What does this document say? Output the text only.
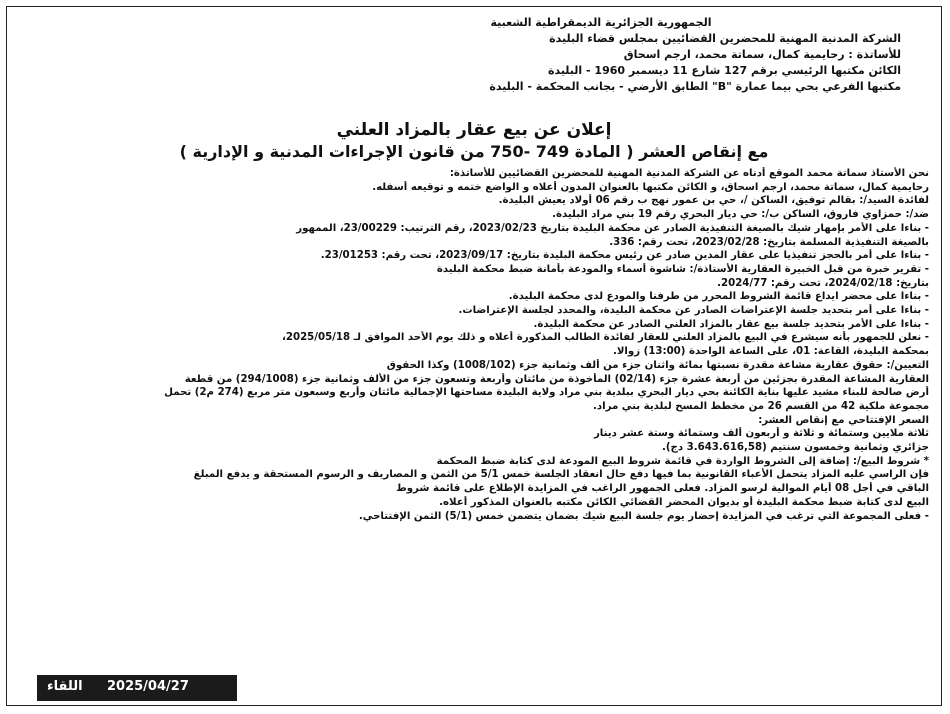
الجمهورية الجزائرية الديمقراطية الشعبية
الشركة المدنية المهنية للمحضرين القضائيين بمجلس قضاء البليدة
للأساتذة : رحايمية كمال، سماتة محمد، ارجم اسحاق
الكائن مكتبها الرئيسي برقم 127 شارع 11 ديسمبر 1960 - البليدة
مكتبها الفرعي بحي بيما عمارة "B" الطابق الأرضي - بجانب المحكمة - البليدة
إعلان عن بيع عقار بالمزاد العلني
مع إنقاص العشر ( المادة 749 -750 من قانون الإجراءات المدنية و الإدارية )

نحن الأستاذ سماتة محمد الموقع أدناه عن الشركة المدنية المهنية للمحضرين القضائيين للأساتذة:

رحايمية كمال، سماتة محمد، ارجم اسحاق، و الكائن مكتبها بالعنوان المدون أعلاه و الواضع ختمه و توقيعه أسفله.

لفائدة السيد/: بقالم توفيق، الساكن /، حي بن عمور نهج ب رقم 06 أولاد يعيش البليدة.

ضد/: حمزاوي فاروق، الساكن ب/: حي ديار البحري رقم 19 بني مراد البليدة.

- بناءا على الأمر بإمهار شيك بالصيغة التنفيذية الصادر عن محكمة البليدة بتاريخ 2023/02/23، رقم الترتيب: 23/00229، الممهور

بالصيغة التنفيذية المسلمة بتاريخ: 2023/02/28، تحت رقم: 336.

- بناءا على أمر بالحجز تنفيذيا على عقار المدين صادر عن رئيس محكمة البليدة بتاريخ: 2023/09/17، تحت رقم: 23/01253.

- تقرير خبرة من قبل الخبيرة العقارية الأستاذة/: شاشوة أسماء والمودعة بأمانة ضبط محكمة البليدة

بتاريخ: 2024/02/18، تحت رقم: 2024/77.

- بناءا على محضر ايداع قائمة الشروط المحرر من طرفنا والمودع لدى محكمة البليدة.

- بناءا على أمر بتحديد جلسة الإعتراضات الصادر عن محكمة البليدة، والمحدد لجلسة الإعتراضات.

- بناءا على الأمر بتحديد جلسة بيع عقار بالمزاد العلني الصادر عن محكمة البليدة.

- نعلن للجمهور بأنه سيشرع في البيع بالمزاد العلني للعقار لفائدة الطالب المذكورة أعلاه و ذلك يوم الأحد الموافق لـ 2025/05/18،

بمحكمة البليدة، القاعة: 01، على الساعة الواحدة (13:00) زوالا.

التعيين/: حقوق عقارية مشاعة مقدرة نسبتها بمائة واثنان جزء من ألف وثمانية جزء (1008/102) وكذا الحقوق

العقارية المشاعة المقدرة بجزئين من أربعة عشرة جزء (02/14) المأخوذة من مائتان وأربعة وتسعون جزء من الألف وثمانية جزء (294/1008) من قطعة

أرض صالحة للبناء مشيد عليها بناية الكائنة بحي ديار البحري ببلدية بني مراد ولاية البليدة مساحتها الإجمالية مائتان وأربع وسبعون متر مربع (274 م2) تحمل

مجموعة ملكية 42 من القسم 26 من مخطط المسح لبلدية بني مراد.

السعر الإفتتاحي مع إنقاص العشر:

ثلاثة ملايين وستمائة و ثلاثة و أربعون ألف وستمائة وستة عشر دينار

جزائري وثمانية وخمسون سنتيم (3.643.616,58 دج).

* شروط البيع/: إضافة إلى الشروط الواردة في قائمة شروط البيع المودعة لدى كتابة ضبط المحكمة

فإن الراسي عليه المزاد يتحمل الأعباء القانونية بما فيها دفع حال انعقاد الجلسة خمس 5/1 من الثمن و المصاريف و الرسوم المستحقة و يدفع المبلغ

الباقي في أجل 08 أيام الموالية لرسو المزاد. فعلى الجمهور الراغب في المزايدة الإطلاع على قائمة شروط

البيع لدى كتابة ضبط محكمة البليدة أو بديوان المحضر القضائي الكائن مكتبه بالعنوان المذكور أعلاه.

- فعلى المجموعة التي ترغب في المزايدة إحضار يوم جلسة البيع شيك بضمان يتضمن خمس (5/1) الثمن الإفتتاحي.

2025/04/27
اللقاء
